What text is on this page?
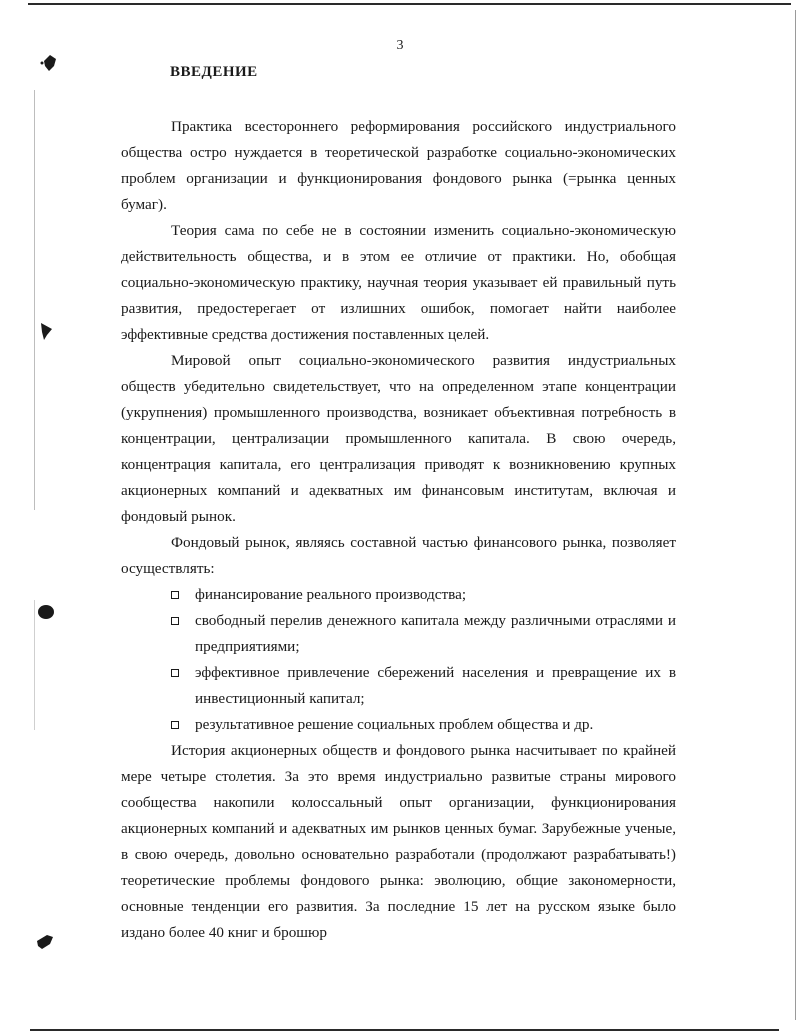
3
ВВЕДЕНИЕ

Практика всестороннего реформирования российского индустриального общества остро нуждается в теоретической разработке социально-экономических проблем организации и функционирования фондового рынка (=рынка ценных бумаг).

Теория сама по себе не в состоянии изменить социально-экономическую действительность общества, и в этом ее отличие от практики. Но, обобщая социально-экономическую практику, научная теория указывает ей правильный путь развития, предостерегает от излишних ошибок, помогает найти наиболее эффективные средства достижения поставленных целей.

Мировой опыт социально-экономического развития индустриальных обществ убедительно свидетельствует, что на определенном этапе концентрации (укрупнения) промышленного производства, возникает объективная потребность в концентрации, централизации промышленного капитала. В свою очередь, концентрация капитала, его централизация приводят к возникновению крупных акционерных компаний и адекватных им финансовым институтам, включая и фондовый рынок.

Фондовый рынок, являясь составной частью финансового рынка, позволяет осуществлять:

финансирование реального производства;
свободный перелив денежного капитала между различными отраслями и предприятиями;
эффективное привлечение сбережений населения и превращение их в инвестиционный капитал;
результативное решение социальных проблем общества и др.

История акционерных обществ и фондового рынка насчитывает по крайней мере четыре столетия. За это время индустриально развитые страны мирового сообщества накопили колоссальный опыт организации, функционирования акционерных компаний и адекватных им рынков ценных бумаг. Зарубежные ученые, в свою очередь, довольно основательно разработали (продолжают разрабатывать!) теоретические проблемы фондового рынка: эволюцию, общие закономерности, основные тенденции его развития. За последние 15 лет на русском языке было издано более 40 книг и брошюр
